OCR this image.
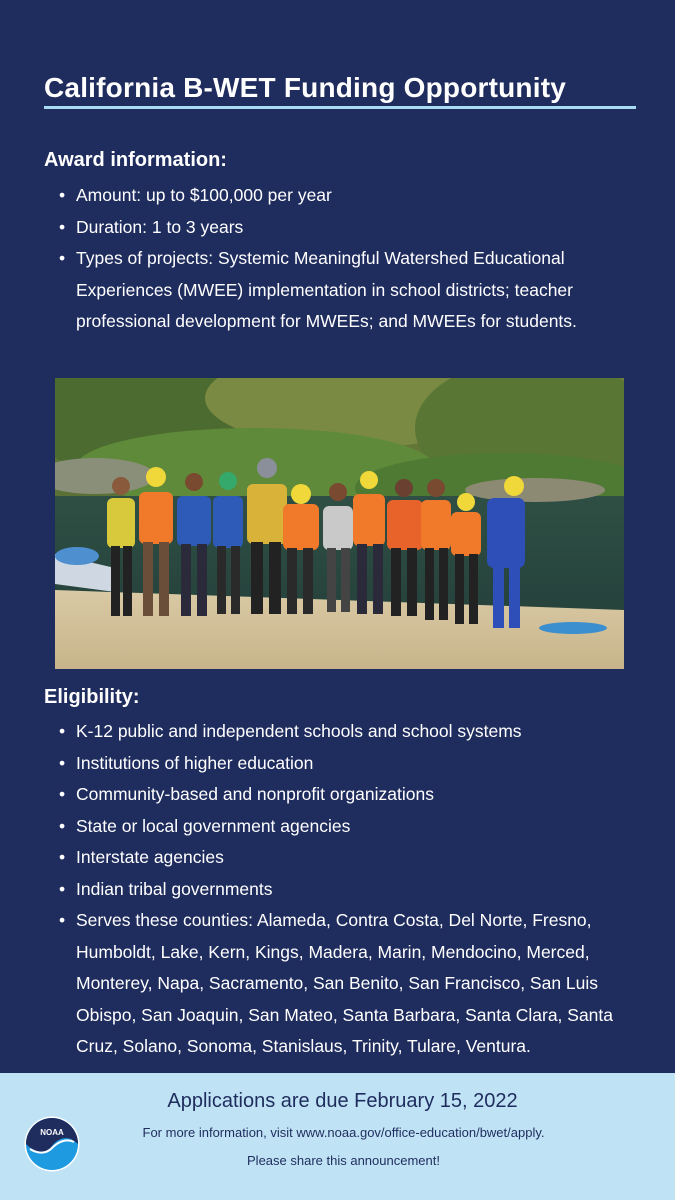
California B-WET Funding Opportunity
Award information:
• Amount: up to $100,000 per year
• Duration: 1 to 3 years
• Types of projects: Systemic Meaningful Watershed Educational Experiences (MWEE) implementation in school districts; teacher professional development for MWEEs; and MWEEs for students.
Eligibility:
• K-12 public and independent schools and school systems
• Institutions of higher education
• Community-based and nonprofit organizations
• State or local government agencies
• Interstate agencies
• Indian tribal governments
• Serves these counties: Alameda, Contra Costa, Del Norte, Fresno, Humboldt, Lake, Kern, Kings, Madera, Marin, Mendocino, Merced, Monterey, Napa, Sacramento, San Benito, San Francisco, San Luis Obispo, San Joaquin, San Mateo, Santa Barbara, Santa Clara, Santa Cruz, Solano, Sonoma, Stanislaus, Trinity, Tulare, Ventura.
Applications are due February 15, 2022
For more information, visit www.noaa.gov/office-education/bwet/apply.
Please share this announcement!
NOAA
